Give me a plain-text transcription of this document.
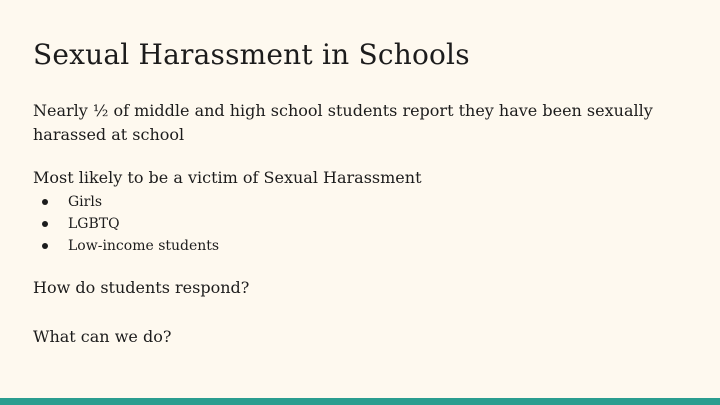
Sexual Harassment in Schools

Nearly ½ of middle and high school students report they have been sexually harassed at school

Most likely to be a victim of Sexual Harassment

Girls
LGBTQ
Low-income students

How do students respond?

What can we do?
